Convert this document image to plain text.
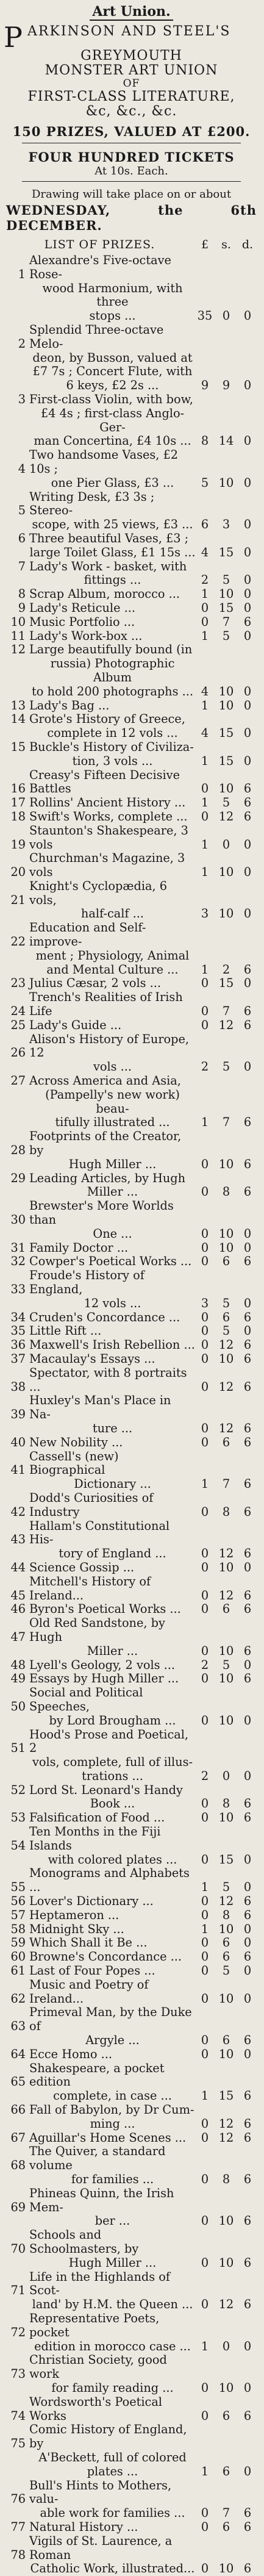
Art Union.
P ARKINSON AND STEEL'S
GREYMOUTH
MONSTER ART UNION
OF
FIRST-CLASS LITERATURE,
&c, &c., &c.
150 PRIZES, VALUED AT £200.
FOUR HUNDRED TICKETS
At 10s. Each.
Drawing will take place on or about
WEDNESDAY, the 6th DECEMBER.
LIST OF PRIZES.	£	s. d.
1
Alexandre's Five-octave Rose-
wood Harmonium, with three
stops ...	35 0	0
2
Splendid Three-octave Melo-
deon, by Busson, valued at
£7 7s ; Concert Flute, with
6 keys, £2 2s ...	9	9	0
3 First-class Violin, with bow,
£4 4s ; first-class Anglo-Ger-
man Concertina, £4 10s ... 8 14 0
4
Two handsome Vases, £2 10s ;
one Pier Glass, £3 ...	5 10 0
5
Writing Desk, £3 3s ; Stereo-
scope, with 25 views, £3 ... 6	3	0
6 Three beautiful Vases, £3 ;
large Toilet Glass, £1 15s ... 4 15 0
7 Lady's Work - basket, with
fittings ...	2	5	0
8 Scrap Album, morocco ...	1 10 0
9 Lady's Reticule ...	0 15 0
10 Music Portfolio ...	0	7	6
11 Lady's Work-box ...	1	5	0
12 Large beautifully bound (in
russia) Photographic Album
to hold 200 photographs ... 4 10 0
13 Lady's Bag ...	1 10 0
14 Grote's History of Greece,
complete in 12 vols ...	4 15 0
15 Buckle's History of Civiliza-
tion, 3 vols ...	1 15 0
16
Creasy's Fifteen Decisive Battles	0 10 6
17 Rollins' Ancient History ...	1	5	6
18 Swift's Works, complete ...	0 12 6
19
Staunton's Shakespeare, 3 vols	1	0	0
20
Churchman's Magazine, 3 vols	1 10 0
21
Knight's Cyclopædia, 6 vols,
half-calf ...	3 10 0
22
Education and Self-improve-
ment ; Physiology, Animal
and Mental Culture ...	1	2	6
23 Julius Cæsar, 2 vols ...	0 15 0
24
Trench's Realities of Irish Life	0	7	6
25 Lady's Guide ...	0 12 6
26
Alison's History of Europe, 12
vols ...	2	5	0
27 Across America and Asia,
(Pampelly's new work) beau-
tifully illustrated ...	1	7	6
28
Footprints of the Creator, by
Hugh Miller ...	0 10 6
29 Leading Articles, by Hugh
Miller ...	0	8	6
30
Brewster's More Worlds than
One ...	0 10 0
31 Family Doctor ...	0 10 0
32 Cowper's Poetical Works ... 0	6	6
33
Froude's History of England,
12 vols ...	3	5	0
34 Cruden's Concordance ...	0	6	6
35 Little Rift ...	0	5	0
36 Maxwell's Irish Rebellion ... 0 12 6
37 Macaulay's Essays ...	0 10 6
38
Spectator, with 8 portraits ...	0 12 6
39
Huxley's Man's Place in Na-
ture ...	0 12 6
40 New Nobility ...	0	6	6
41
Cassell's (new) Biographical
Dictionary ...	1	7	6
42
Dodd's Curiosities of Industry	0	8	6
43
Hallam's Constitutional His-
tory of England ...	0 12 6
44 Science Gossip ...	0 10 0
45
Mitchell's History of Ireland...	0 12 6
46 Byron's Poetical Works ...	0	6	6
47
Old Red Sandstone, by Hugh
Miller ...	0 10 6
48 Lyell's Geology, 2 vols ...	2	5	0
49 Essays by Hugh Miller ...	0 10 6
50
Social and Political Speeches,
by Lord Brougham ...	0 10 0
51
Hood's Prose and Poetical, 2
vols, complete, full of illus-
trations ...	2	0	0
52 Lord St. Leonard's Handy
Book ...	0	8	6
53 Falsification of Food ...	0 10 6
54
Ten Months in the Fiji Islands
with colored plates ...	0 15 0
55
Monograms and Alphabets ...	1	5	0
56 Lover's Dictionary ...	0 12 6
57 Heptameron ...	0	8	6
58 Midnight Sky ...	1 10 0
59 Which Shall it Be ...	0	6	0
60 Browne's Concordance ...	0	6	6
61 Last of Four Popes ...	0	5	0
62
Music and Poetry of Ireland...	0 10 0
63
Primeval Man, by the Duke of
Argyle ...	0	6	6
64 Ecce Homo ...	0 10 0
65
Shakespeare, a pocket edition
complete, in case ...	1 15 6
66 Fall of Babylon, by Dr Cum-
ming ...	0 12 6
67 Aguillar's Home Scenes ...	0 12 6
68
The Quiver, a standard volume
for families ...	0	8	6
69
Phineas Quinn, the Irish Mem-
ber ...	0 10 6
70
Schools and Schoolmasters, by
Hugh Miller ...	0 10 6
71
Life in the Highlands of Scot-
land' by H.M. the Queen ... 0 12 6
72
Representative Poets, pocket
edition in morocco case ... 1	0	0
73
Christian Society, good work
for family reading ...	0 10 0
74
Wordsworth's Poetical Works	0	6	6
75
Comic History of England, by
A'Beckett, full of colored
plates ...	1	6	0
76
Bull's Hints to Mothers, valu-
able work for families ...	0	7	6
77 Natural History ...	0	6	6
78
Vigils of St. Laurence, a Roman
Catholic Work, illustrated... 0 10 6
